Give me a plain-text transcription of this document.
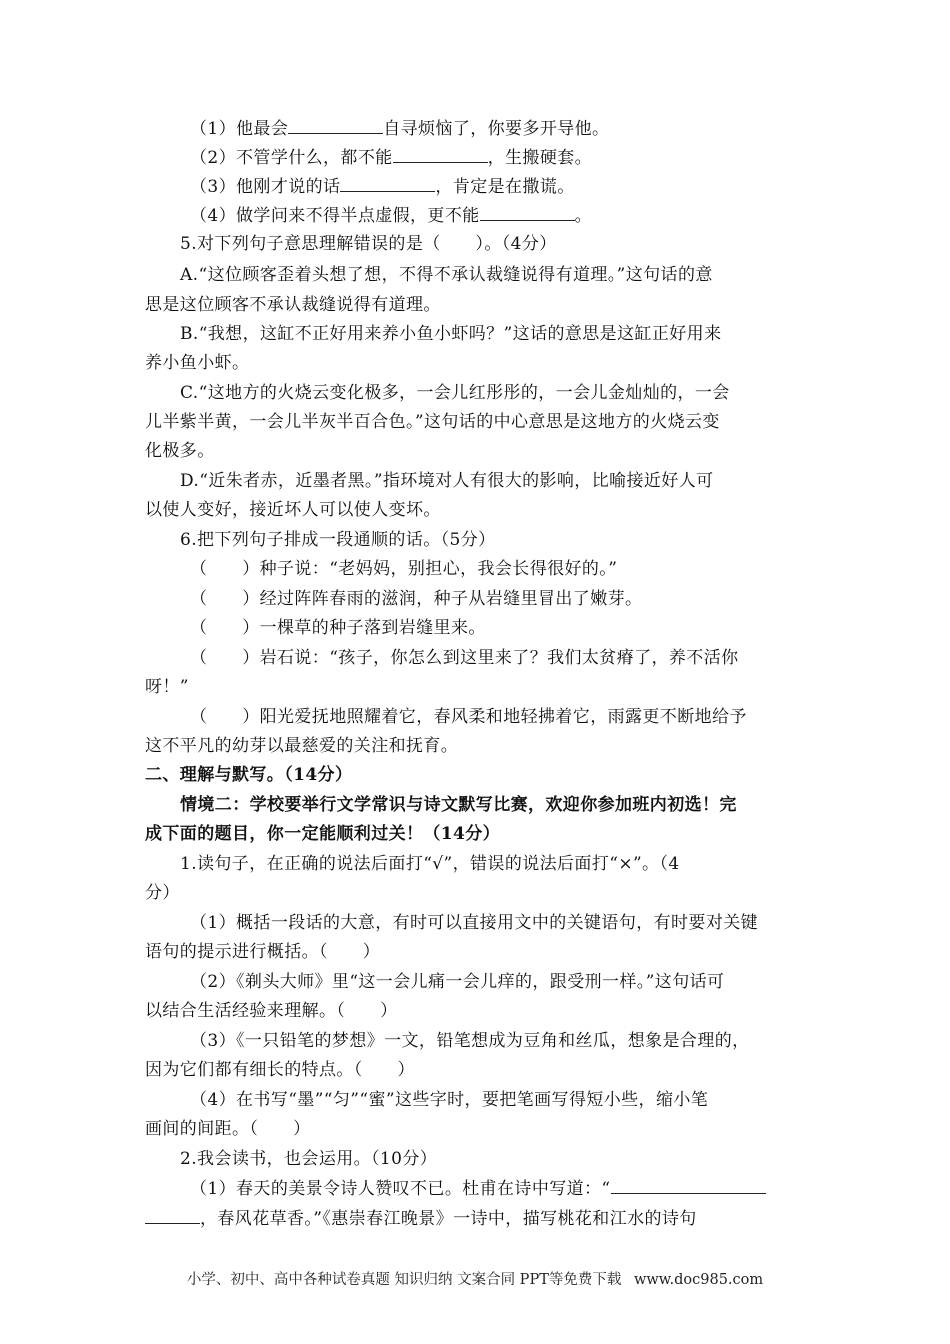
（1）他最会	自寻烦恼了，你要多开导他。
（2）不管学什么，都不能	，生搬硬套。
（3）他刚才说的话	，肯定是在撒谎。
（4）做学问来不得半点虚假，更不能	。
5.对下列句子意思理解错误的是（　　）。（4分）
A.“这位顾客歪着头想了想，不得不承认裁缝说得有道理。”这句话的意
思是这位顾客不承认裁缝说得有道理。
B.“我想，这缸不正好用来养小鱼小虾吗？”这话的意思是这缸正好用来
养小鱼小虾。
C.“这地方的火烧云变化极多，一会儿红彤彤的，一会儿金灿灿的，一会
儿半紫半黄，一会儿半灰半百合色。”这句话的中心意思是这地方的火烧云变
化极多。
D.“近朱者赤，近墨者黑。”指环境对人有很大的影响，比喻接近好人可
以使人变好，接近坏人可以使人变坏。
6.把下列句子排成一段通顺的话。（5分）
（　　）种子说：“老妈妈，别担心，我会长得很好的。”
（　　）经过阵阵春雨的滋润，种子从岩缝里冒出了嫩芽。
（　　）一棵草的种子落到岩缝里来。
（　　）岩石说：“孩子，你怎么到这里来了？我们太贫瘠了，养不活你
呀！”
（　　）阳光爱抚地照耀着它，春风柔和地轻拂着它，雨露更不断地给予
这不平凡的幼芽以最慈爱的关注和抚育。
二、理解与默写。（14分）
情境二：学校要举行文学常识与诗文默写比赛，欢迎你参加班内初选！完
成下面的题目，你一定能顺利过关！（14分）
1.读句子，在正确的说法后面打“√”，错误的说法后面打“×”。（4
分）
（1）概括一段话的大意，有时可以直接用文中的关键语句，有时要对关键
语句的提示进行概括。（　　）
（2）《剃头大师》里“这一会儿痛一会儿痒的，跟受刑一样。”这句话可
以结合生活经验来理解。（　　）
（3）《一只铅笔的梦想》一文，铅笔想成为豆角和丝瓜，想象是合理的，
因为它们都有细长的特点。（　　）
（4）在书写“墨”“匀”“蜜”这些字时，要把笔画写得短小些，缩小笔
画间的间距。（　　）
2.我会读书，也会运用。（10分）
（1）春天的美景令诗人赞叹不已。杜甫在诗中写道：“
，春风花草香。”《惠崇春江晚景》一诗中，描写桃花和江水的诗句
小学、初中、高中各种试卷真题 知识归纳 文案合同 PPT等免费下载 www.doc985.com
